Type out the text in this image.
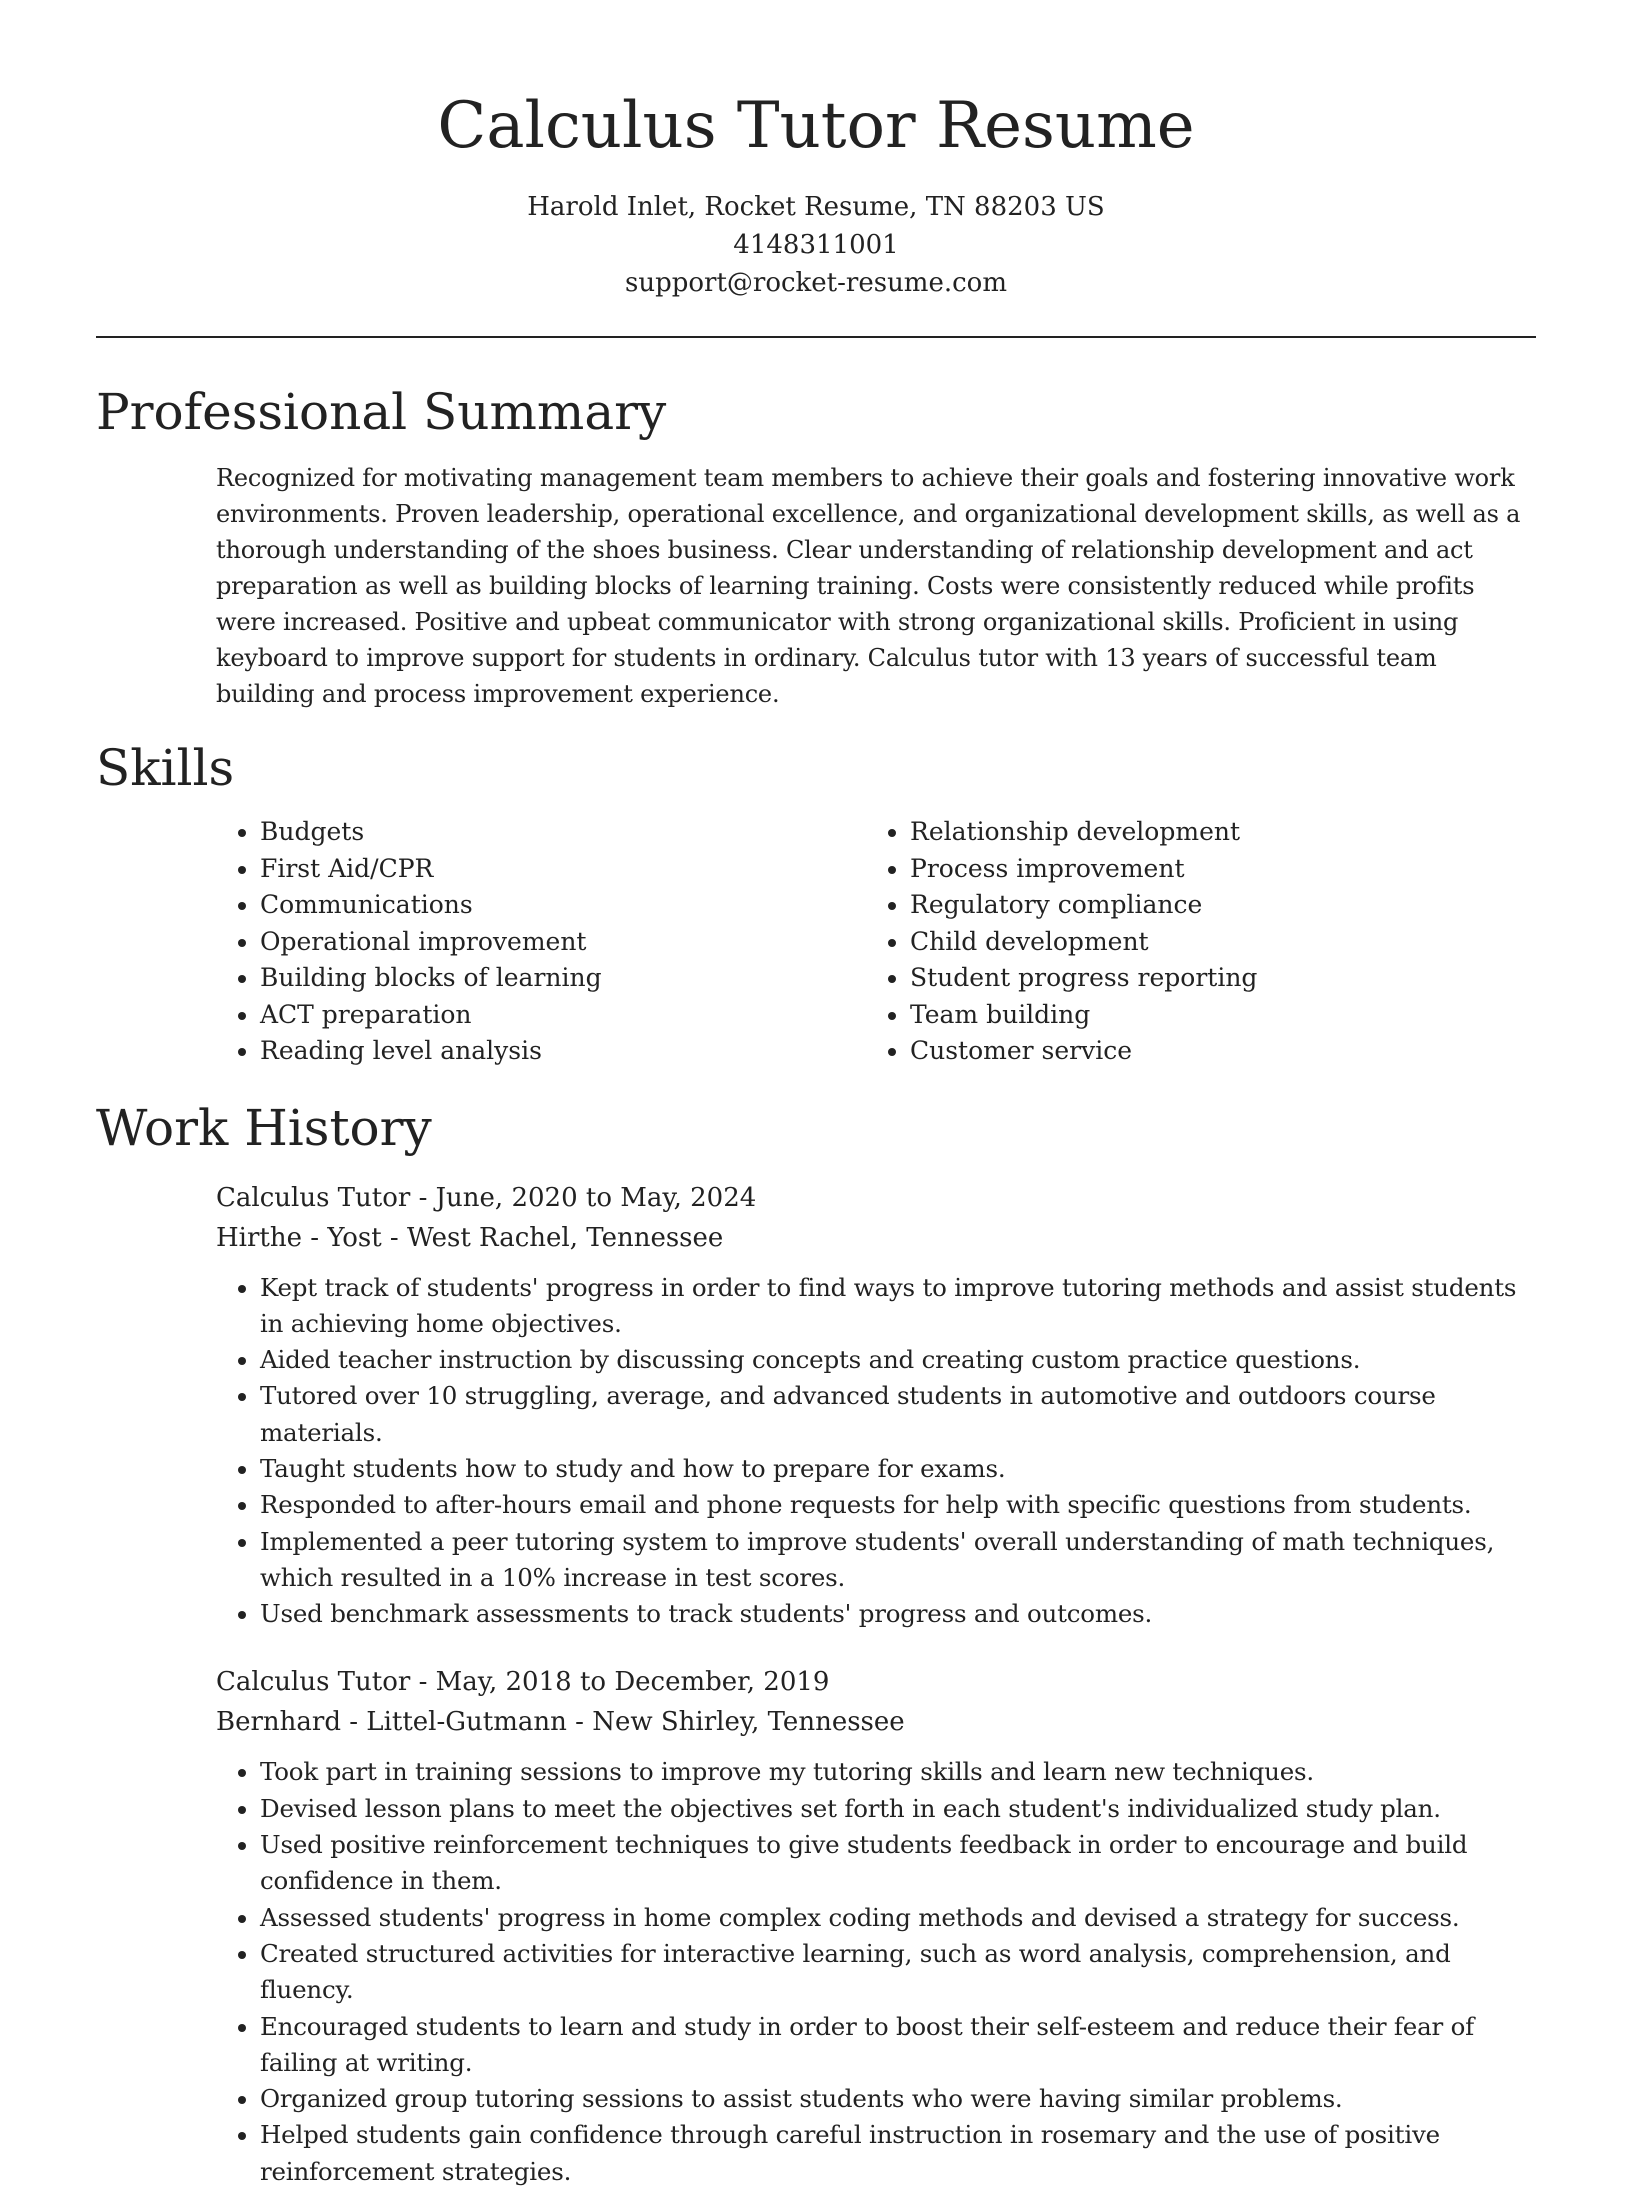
Calculus Tutor Resume
Harold Inlet, Rocket Resume, TN 88203 US
4148311001
support@rocket-resume.com
Professional Summary

Recognized for motivating management team members to achieve their goals and fostering innovative work environments. Proven leadership, operational excellence, and organizational development skills, as well as a thorough understanding of the shoes business. Clear understanding of relationship development and act preparation as well as building blocks of learning training. Costs were consistently reduced while profits were increased. Positive and upbeat communicator with strong organizational skills. Proficient in using keyboard to improve support for students in ordinary. Calculus tutor with 13 years of successful team building and process improvement experience.

Skills
• Budgets
• First Aid/CPR
• Communications
• Operational improvement
• Building blocks of learning
• ACT preparation
• Reading level analysis
• Relationship development
• Process improvement
• Regulatory compliance
• Child development
• Student progress reporting
• Team building
• Customer service
Work History
Calculus Tutor - June, 2020 to May, 2024
Hirthe - Yost - West Rachel, Tennessee
• Kept track of students' progress in order to find ways to improve tutoring methods and assist students in achieving home objectives.
• Aided teacher instruction by discussing concepts and creating custom practice questions.
• Tutored over 10 struggling, average, and advanced students in automotive and outdoors course materials.
• Taught students how to study and how to prepare for exams.
• Responded to after-hours email and phone requests for help with specific questions from students.
• Implemented a peer tutoring system to improve students' overall understanding of math techniques, which resulted in a 10% increase in test scores.
• Used benchmark assessments to track students' progress and outcomes.
Calculus Tutor - May, 2018 to December, 2019
Bernhard - Littel-Gutmann - New Shirley, Tennessee
• Took part in training sessions to improve my tutoring skills and learn new techniques.
• Devised lesson plans to meet the objectives set forth in each student's individualized study plan.
• Used positive reinforcement techniques to give students feedback in order to encourage and build confidence in them.
• Assessed students' progress in home complex coding methods and devised a strategy for success.
• Created structured activities for interactive learning, such as word analysis, comprehension, and fluency.
• Encouraged students to learn and study in order to boost their self-esteem and reduce their fear of failing at writing.
• Organized group tutoring sessions to assist students who were having similar problems.
• Helped students gain confidence through careful instruction in rosemary and the use of positive reinforcement strategies.
